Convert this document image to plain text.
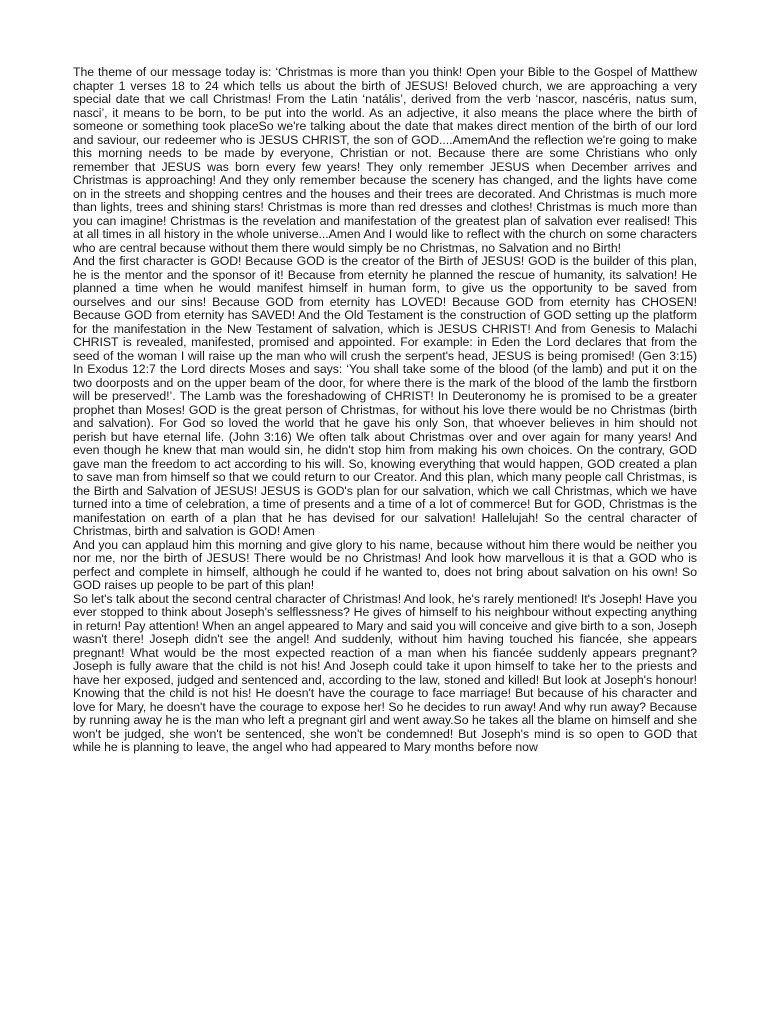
The theme of our message today is: ‘Christmas is more than you think! Open your Bible to the Gospel of Matthew chapter 1 verses 18 to 24 which tells us about the birth of JESUS! Beloved church, we are approaching a very special date that we call Christmas! From the Latin ‘natális’, derived from the verb ‘nascor, nascéris, natus sum, nasci’, it means to be born, to be put into the world. As an adjective, it also means the place where the birth of someone or something took placeSo we're talking about the date that makes direct mention of the birth of our lord and saviour, our redeemer who is JESUS CHRIST, the son of GOD....AmemAnd the reflection we're going to make this morning needs to be made by everyone, Christian or not. Because there are some Christians who only remember that JESUS was born every few years! They only remember JESUS when December arrives and Christmas is approaching! And they only remember because the scenery has changed, and the lights have come on in the streets and shopping centres and the houses and their trees are decorated. And Christmas is much more than lights, trees and shining stars! Christmas is more than red dresses and clothes! Christmas is much more than you can imagine! Christmas is the revelation and manifestation of the greatest plan of salvation ever realised! This at all times in all history in the whole universe...Amen And I would like to reflect with the church on some characters who are central because without them there would simply be no Christmas, no Salvation and no Birth!

And the first character is GOD! Because GOD is the creator of the Birth of JESUS! GOD is the builder of this plan, he is the mentor and the sponsor of it! Because from eternity he planned the rescue of humanity, its salvation! He planned a time when he would manifest himself in human form, to give us the opportunity to be saved from ourselves and our sins! Because GOD from eternity has LOVED! Because GOD from eternity has CHOSEN! Because GOD from eternity has SAVED! And the Old Testament is the construction of GOD setting up the platform for the manifestation in the New Testament of salvation, which is JESUS CHRIST! And from Genesis to Malachi CHRIST is revealed, manifested, promised and appointed. For example: in Eden the Lord declares that from the seed of the woman I will raise up the man who will crush the serpent's head, JESUS is being promised! (Gen 3:15) In Exodus 12:7 the Lord directs Moses and says: ‘You shall take some of the blood (of the lamb) and put it on the two doorposts and on the upper beam of the door, for where there is the mark of the blood of the lamb the firstborn will be preserved!’. The Lamb was the foreshadowing of CHRIST! In Deuteronomy he is promised to be a greater prophet than Moses! GOD is the great person of Christmas, for without his love there would be no Christmas (birth and salvation). For God so loved the world that he gave his only Son, that whoever believes in him should not perish but have eternal life. (John 3:16) We often talk about Christmas over and over again for many years! And even though he knew that man would sin, he didn't stop him from making his own choices. On the contrary, GOD gave man the freedom to act according to his will. So, knowing everything that would happen, GOD created a plan to save man from himself so that we could return to our Creator. And this plan, which many people call Christmas, is the Birth and Salvation of JESUS! JESUS is GOD's plan for our salvation, which we call Christmas, which we have turned into a time of celebration, a time of presents and a time of a lot of commerce! But for GOD, Christmas is the manifestation on earth of a plan that he has devised for our salvation! Hallelujah! So the central character of Christmas, birth and salvation is GOD! Amen

And you can applaud him this morning and give glory to his name, because without him there would be neither you nor me, nor the birth of JESUS! There would be no Christmas! And look how marvellous it is that a GOD who is perfect and complete in himself, although he could if he wanted to, does not bring about salvation on his own! So GOD raises up people to be part of this plan!

So let's talk about the second central character of Christmas! And look, he's rarely mentioned! It's Joseph! Have you ever stopped to think about Joseph's selflessness? He gives of himself to his neighbour without expecting anything in return! Pay attention! When an angel appeared to Mary and said you will conceive and give birth to a son, Joseph wasn't there! Joseph didn't see the angel! And suddenly, without him having touched his fiancée, she appears pregnant! What would be the most expected reaction of a man when his fiancée suddenly appears pregnant? Joseph is fully aware that the child is not his! And Joseph could take it upon himself to take her to the priests and have her exposed, judged and sentenced and, according to the law, stoned and killed! But look at Joseph's honour! Knowing that the child is not his! He doesn't have the courage to face marriage! But because of his character and love for Mary, he doesn't have the courage to expose her! So he decides to run away! And why run away? Because by running away he is the man who left a pregnant girl and went away.So he takes all the blame on himself and she won't be judged, she won't be sentenced, she won't be condemned! But Joseph's mind is so open to GOD that while he is planning to leave, the angel who had appeared to Mary months before now
